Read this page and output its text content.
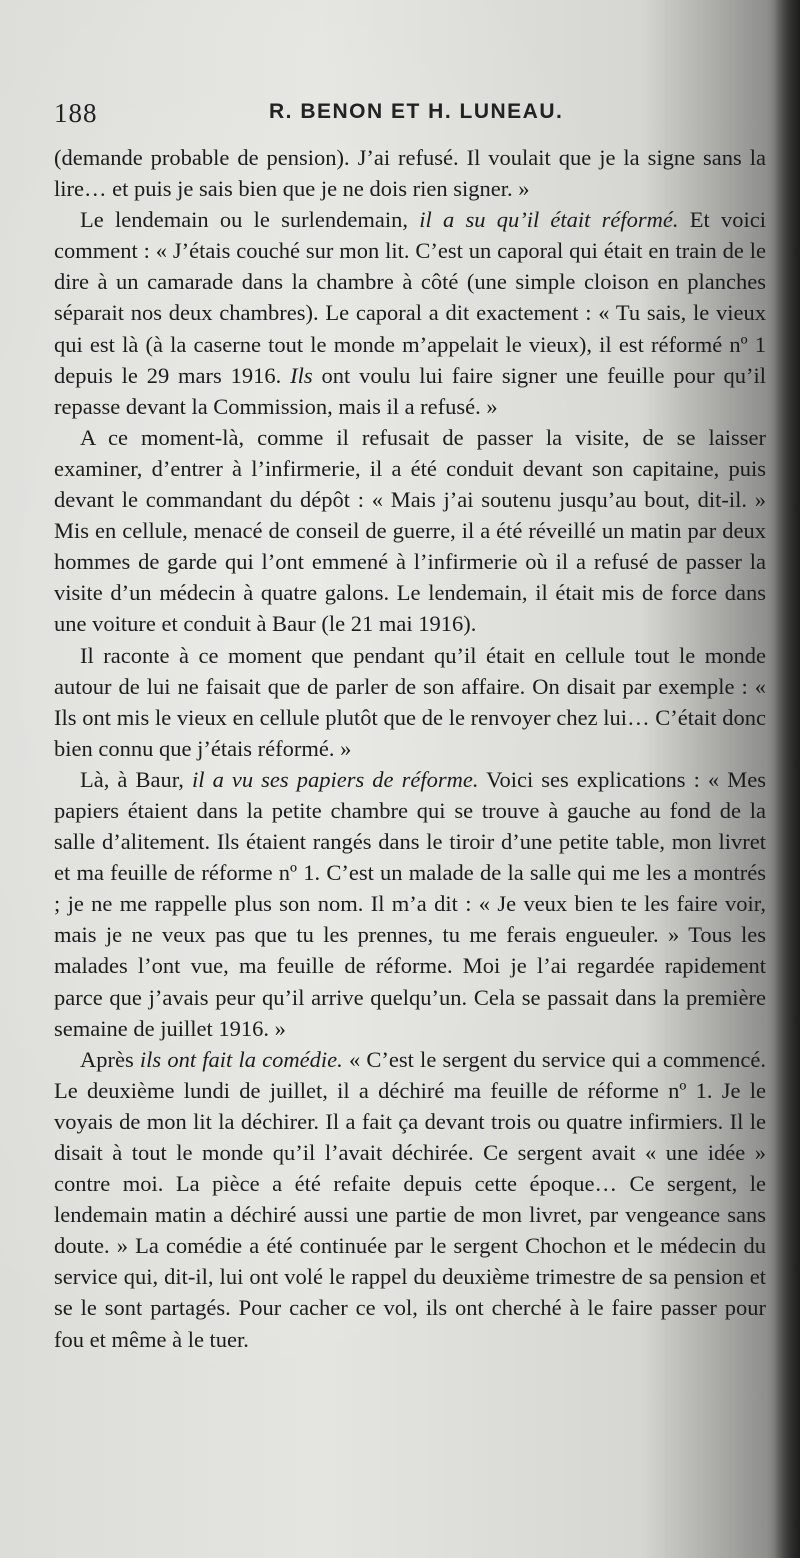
188	R. BENON ET H. LUNEAU.

(demande probable de pension). J’ai refusé. Il voulait que je la signe sans la lire… et puis je sais bien que je ne dois rien signer. »

Le lendemain ou le surlendemain, il a su qu’il était réformé. Et voici comment : « J’étais couché sur mon lit. C’est un caporal qui était en train de le dire à un camarade dans la chambre à côté (une simple cloison en planches séparait nos deux chambres). Le caporal a dit exactement : « Tu sais, le vieux qui est là (à la caserne tout le monde m’appelait le vieux), il est réformé nº 1 depuis le 29 mars 1916. Ils ont voulu lui faire signer une feuille pour qu’il repasse devant la Commission, mais il a refusé. »

A ce moment-là, comme il refusait de passer la visite, de se laisser examiner, d’entrer à l’infirmerie, il a été conduit devant son capitaine, puis devant le commandant du dépôt : « Mais j’ai soutenu jusqu’au bout, dit-il. » Mis en cellule, menacé de conseil de guerre, il a été réveillé un matin par deux hommes de garde qui l’ont emmené à l’infirmerie où il a refusé de passer la visite d’un médecin à quatre galons. Le lendemain, il était mis de force dans une voiture et conduit à Baur (le 21 mai 1916).

Il raconte à ce moment que pendant qu’il était en cellule tout le monde autour de lui ne faisait que de parler de son affaire. On disait par exemple : « Ils ont mis le vieux en cellule plutôt que de le renvoyer chez lui… C’était donc bien connu que j’étais réformé. »

Là, à Baur, il a vu ses papiers de réforme. Voici ses explications : « Mes papiers étaient dans la petite chambre qui se trouve à gauche au fond de la salle d’alitement. Ils étaient rangés dans le tiroir d’une petite table, mon livret et ma feuille de réforme nº 1. C’est un malade de la salle qui me les a montrés ; je ne me rappelle plus son nom. Il m’a dit : « Je veux bien te les faire voir, mais je ne veux pas que tu les prennes, tu me ferais engueuler. » Tous les malades l’ont vue, ma feuille de réforme. Moi je l’ai regardée rapidement parce que j’avais peur qu’il arrive quelqu’un. Cela se passait dans la première semaine de juillet 1916. »

Après ils ont fait la comédie. « C’est le sergent du service qui a commencé. Le deuxième lundi de juillet, il a déchiré ma feuille de réforme nº 1. Je le voyais de mon lit la déchirer. Il a fait ça devant trois ou quatre infirmiers. Il le disait à tout le monde qu’il l’avait déchirée. Ce sergent avait « une idée » contre moi. La pièce a été refaite depuis cette époque… Ce sergent, le lendemain matin a déchiré aussi une partie de mon livret, par vengeance sans doute. » La comédie a été continuée par le sergent Chochon et le médecin du service qui, dit-il, lui ont volé le rappel du deuxième trimestre de sa pension et se le sont partagés. Pour cacher ce vol, ils ont cherché à le faire passer pour fou et même à le tuer.
